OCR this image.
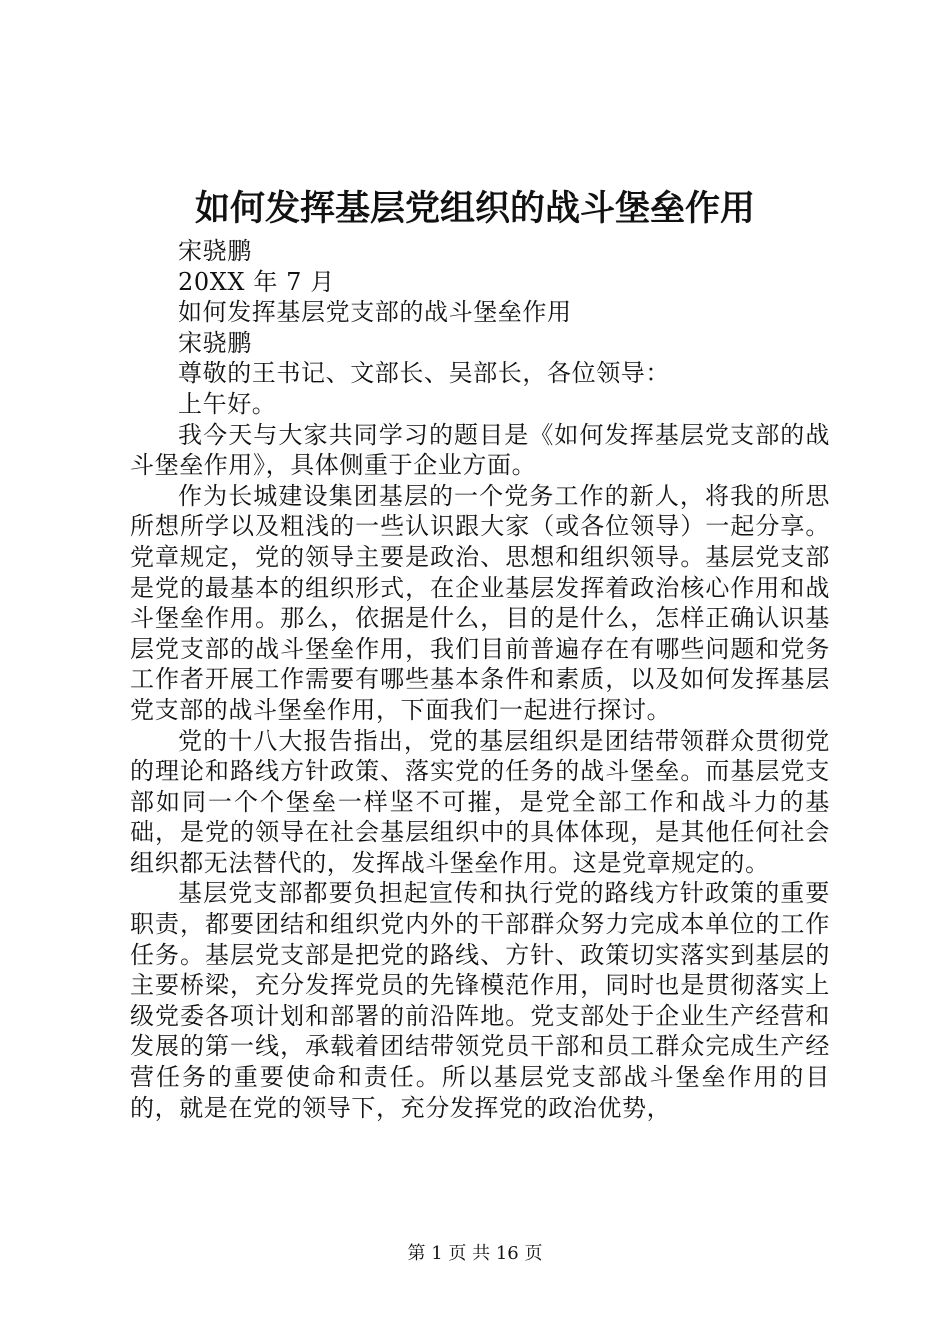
如何发挥基层党组织的战斗堡垒作用
宋骁鹏
20XX 年 7 月
如何发挥基层党支部的战斗堡垒作用
宋骁鹏
尊敬的王书记、文部长、吴部长，各位领导：
上午好。

我今天与大家共同学习的题目是《如何发挥基层党支部的战斗堡垒作用》，具体侧重于企业方面。

作为长城建设集团基层的一个党务工作的新人，将我的所思所想所学以及粗浅的一些认识跟大家（或各位领导）一起分享。党章规定，党的领导主要是政治、思想和组织领导。基层党支部是党的最基本的组织形式，在企业基层发挥着政治核心作用和战斗堡垒作用。那么，依据是什么，目的是什么，怎样正确认识基层党支部的战斗堡垒作用，我们目前普遍存在有哪些问题和党务工作者开展工作需要有哪些基本条件和素质，以及如何发挥基层党支部的战斗堡垒作用，下面我们一起进行探讨。

党的十八大报告指出，党的基层组织是团结带领群众贯彻党的理论和路线方针政策、落实党的任务的战斗堡垒。而基层党支部如同一个个堡垒一样坚不可摧，是党全部工作和战斗力的基础，是党的领导在社会基层组织中的具体体现，是其他任何社会组织都无法替代的，发挥战斗堡垒作用。这是党章规定的。

基层党支部都要负担起宣传和执行党的路线方针政策的重要职责，都要团结和组织党内外的干部群众努力完成本单位的工作任务。基层党支部是把党的路线、方针、政策切实落实到基层的主要桥梁，充分发挥党员的先锋模范作用，同时也是贯彻落实上级党委各项计划和部署的前沿阵地。党支部处于企业生产经营和发展的第一线，承载着团结带领党员干部和员工群众完成生产经营任务的重要使命和责任。所以基层党支部战斗堡垒作用的目的，就是在党的领导下，充分发挥党的政治优势，

第 1 页 共 16 页
